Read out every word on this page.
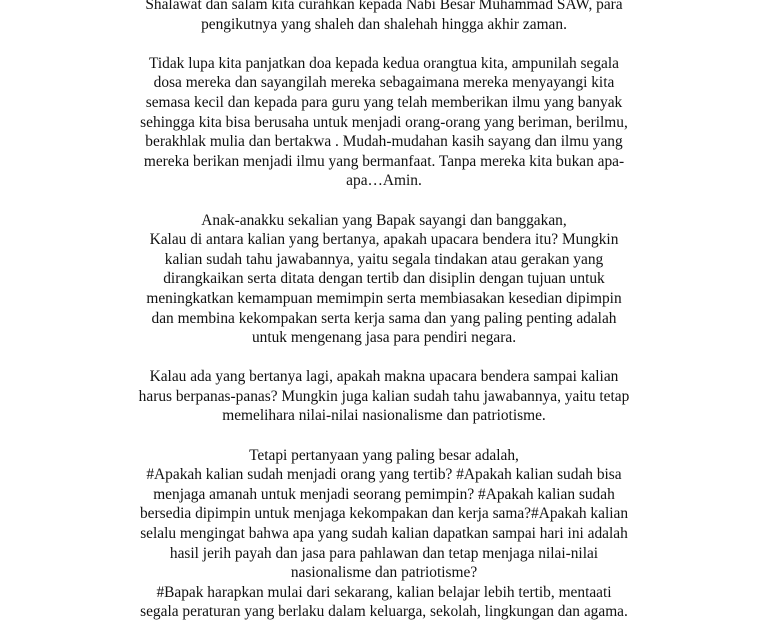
Shalawat dan salam kita curahkan kepada Nabi Besar Muhammad SAW, para
pengikutnya yang shaleh dan shalehah hingga akhir zaman.
Tidak lupa kita panjatkan doa kepada kedua orangtua kita, ampunilah segala
dosa mereka dan sayangilah mereka sebagaimana mereka menyayangi kita
semasa kecil dan kepada para guru yang telah memberikan ilmu yang banyak
sehingga kita bisa berusaha untuk menjadi orang-orang yang beriman, berilmu,
berakhlak mulia dan bertakwa . Mudah-mudahan kasih sayang dan ilmu yang
mereka berikan menjadi ilmu yang bermanfaat. Tanpa mereka kita bukan apa-
apa…Amin.
Anak-anakku sekalian yang Bapak sayangi dan banggakan,
Kalau di antara kalian yang bertanya, apakah upacara bendera itu? Mungkin
kalian sudah tahu jawabannya, yaitu segala tindakan atau gerakan yang
dirangkaikan serta ditata dengan tertib dan disiplin dengan tujuan untuk
meningkatkan kemampuan memimpin serta membiasakan kesedian dipimpin
dan membina kekompakan serta kerja sama dan yang paling penting adalah
untuk mengenang jasa para pendiri negara.
Kalau ada yang bertanya lagi, apakah makna upacara bendera sampai kalian
harus berpanas-panas? Mungkin juga kalian sudah tahu jawabannya, yaitu tetap
memelihara nilai-nilai nasionalisme dan patriotisme.
Tetapi pertanyaan yang paling besar adalah,
#Apakah kalian sudah menjadi orang yang tertib? #Apakah kalian sudah bisa
menjaga amanah untuk menjadi seorang pemimpin? #Apakah kalian sudah
bersedia dipimpin untuk menjaga kekompakan dan kerja sama?#Apakah kalian
selalu mengingat bahwa apa yang sudah kalian dapatkan sampai hari ini adalah
hasil jerih payah dan jasa para pahlawan dan tetap menjaga nilai-nilai
nasionalisme dan patriotisme?
#Bapak harapkan mulai dari sekarang, kalian belajar lebih tertib, mentaati
segala peraturan yang berlaku dalam keluarga, sekolah, lingkungan dan agama.
